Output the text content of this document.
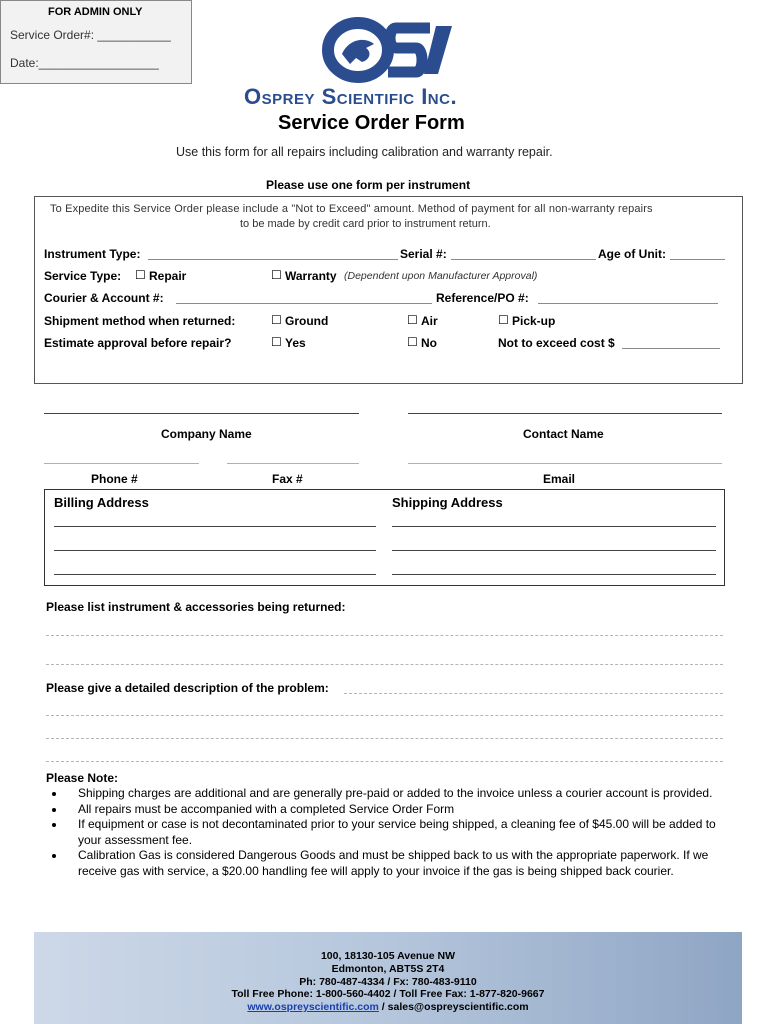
Osprey Scientific Inc.
FOR ADMIN ONLY
Service Order#: ___________
Date:__________________
Service Order Form
Use this form for all repairs including calibration and warranty repair.
Please use one form per instrument
To Expedite this Service Order please include a "Not to Exceed" amount. Method of payment for all non-warranty repairs
to be made by credit card prior to instrument return.
Instrument Type:	Serial #:	Age of Unit:
Service Type: ☐ Repair	☐ Warranty (Dependent upon Manufacturer Approval)
Courier & Account #:	Reference/PO #:
Shipment method when returned:	☐ Ground	☐ Air	☐ Pick-up
Estimate approval before repair?	☐ Yes	☐ No	Not to exceed cost $
Company Name	Contact Name
Phone #	Fax #	Email
Billing Address	Shipping Address
Please list instrument & accessories being returned:
Please give a detailed description of the problem:
Please Note:
• Shipping charges are additional and are generally pre-paid or added to the invoice unless a courier account is provided.
• All repairs must be accompanied with a completed Service Order Form
• If equipment or case is not decontaminated prior to your service being shipped, a cleaning fee of $45.00 will be added to your assessment fee.
• Calibration Gas is considered Dangerous Goods and must be shipped back to us with the appropriate paperwork. If we receive gas with service, a $20.00 handling fee will apply to your invoice if the gas is being shipped back courier.
100, 18130-105 Avenue NW
Edmonton, ABT5S 2T4
Ph: 780-487-4334 / Fx: 780-483-9110
Toll Free Phone: 1-800-560-4402 / Toll Free Fax: 1-877-820-9667
www.ospreyscientific.com / sales@ospreyscientific.com
